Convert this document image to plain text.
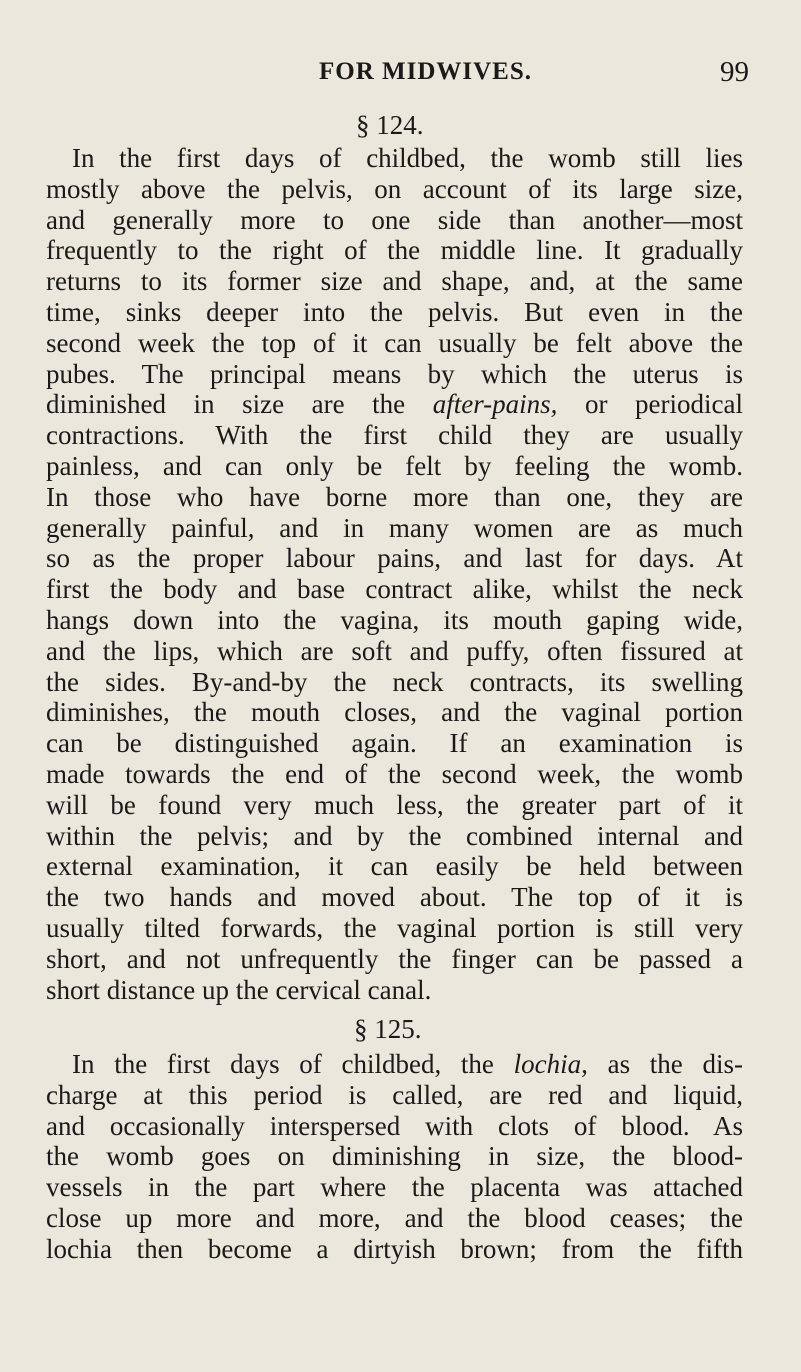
FOR MIDWIVES.	99
§ 124.
In the first days of childbed, the womb still lies
mostly above the pelvis, on account of its large size,
and generally more to one side than another—most
frequently to the right of the middle line. It gradually
returns to its former size and shape, and, at the same
time, sinks deeper into the pelvis. But even in the
second week the top of it can usually be felt above the
pubes. The principal means by which the uterus is
diminished in size are the after-pains, or periodical
contractions. With the first child they are usually
painless, and can only be felt by feeling the womb.
In those who have borne more than one, they are
generally painful, and in many women are as much
so as the proper labour pains, and last for days. At
first the body and base contract alike, whilst the neck
hangs down into the vagina, its mouth gaping wide,
and the lips, which are soft and puffy, often fissured at
the sides. By-and-by the neck contracts, its swelling
diminishes, the mouth closes, and the vaginal portion
can be distinguished again. If an examination is
made towards the end of the second week, the womb
will be found very much less, the greater part of it
within the pelvis; and by the combined internal and
external examination, it can easily be held between
the two hands and moved about. The top of it is
usually tilted forwards, the vaginal portion is still very
short, and not unfrequently the finger can be passed a
short distance up the cervical canal.
§ 125.
In the first days of childbed, the lochia, as the dis-
charge at this period is called, are red and liquid,
and occasionally interspersed with clots of blood. As
the womb goes on diminishing in size, the blood-
vessels in the part where the placenta was attached
close up more and more, and the blood ceases; the
lochia then become a dirtyish brown; from the fifth
